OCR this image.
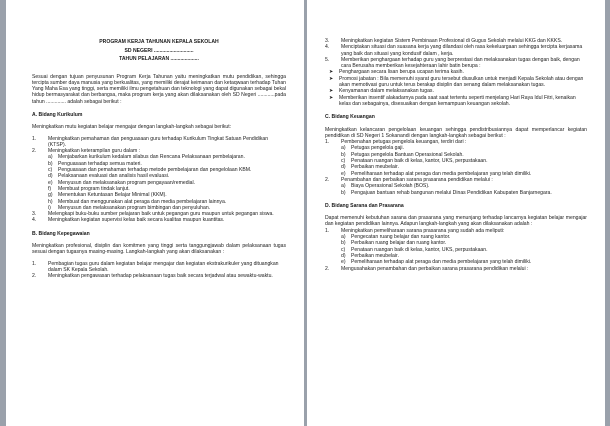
PROGRAM KERJA TAHUNAN KEPALA SEKOLAH
SD NEGERI ............................
TAHUN PELAJARAN ....................
Sesuai dengan tujuan penyusunan Program Kerja Tahunan yaitu meningkatkan mutu pendidikan, sehingga tercipta sumber daya manusia yang berkualitas, yang memiliki derajat keimanan dan ketaqwaan terhadap Tuhan Yang Maha Esa yang tinggi, serta memiliki ilmu pengetahuan dan teknologi yang dapat digunakan sebagai bekal hidup bermasyarakat dan berbangsa, maka program kerja yang akan dilaksanakan oleh SD Negeri ............pada tahun .............. adalah sebagai berikut :
A. Bidang Kurikulum
Meningkatkan mutu kegiatan belajar mengajar dengan langkah-langkah sebagai berikut:
1.	Meningkatkan pemahaman dan penguasaan guru terhadap Kurikulum Tingkat Satuan Pendidikan (KTSP).
2.	Meningkatkan keterampilan guru dalam :
a)	Menjabarkan kurikulum kedalam silabus dan Rencana Pelaksanaan pembelajaran.
b)	Penguasaan terhadap semua materi.
c)	Penguasaan dan pemahaman terhadap metode pembelajaran dan pengelolaan KBM.
d)	Pelaksanaan evaluasi dan analisis hasil evaluasi.
e)	Menyusun dan melaksanakan program pengayaan/remedial.
f)	Membuat program tindak lanjut.
g)	Menentukan Ketuntasan Belajar Minimal (KKM).
h)	Membuat dan menggunakan alat peraga dan media pembelajaran lainnya.
i)	Menyusun dan melaksanakan program bimbingan dan penyuluhan.
3.	Melengkapi buku-buku sumber pelajaran baik untuk pegangan guru maupun untuk pegangan siswa.
4.	Meningkatkan kegiatan supervisi kelas baik secara kualitas maupun kuantitas.
B. Bidang Kepegawaian
Meningkatkan profesional, disiplin dan komitmen yang tinggi serta tanggungjawab dalam pelaksanaan tugas sesuai dengan tugasnya masing-masing. Langkah-langkah yang akan dilaksanakan :
1.	Pembagian tugas guru dalam kegiatan belajar mengajar dan kegiatan ekstrakurikuler yang dituangkan dalam SK Kepala Sekolah.
2.	Meningkatkan pengawasan terhadap pelaksanaan tugas baik secara terjadwal atau sewaktu-waktu.
3.	Meningkatkan kegiatan Sistem Pembinaan Profesional di Gugus Sekolah melalui KKG dan KKKS.
4.	Menciptakan situasi dan suasana kerja yang dilandasi oleh rasa kekeluargaan sehingga tercipta kerjasama yang baik dan situasi yang kondusif dalam , kerja.
5.	Memberikan penghargaan terhadap guru yang berprestasi dan melaksanakan tugas dengan baik, dengan cara Berusaha memberikan kesejahteraan lahir batin berupa :
➤	Penghargaan secara lisan berupa ucapan terima kasih.
➤	Promosi jabatan : Bila memenuhi syarat guru tersebut diusulkan untuk menjadi Kepala Sekolah atau dengan akan memotivasi guru untuk terus berakap disiplin dan senang dalam melaksanakan tugas.
➤	Kenyamanan dalam melaksanakan tugas.
➤	Memberikan insentif alakadarnya pada saat saat tertentu seperti menjelang Hari Raya Idul Fitri, kenaikan kelas dan sebagainya, disesuaikan dengan kemampuan keuangan sekolah.
C. Bidang Keuangan
Meningkatkan kelancaran pengelolaan keuangan sehingga pendistribusiannya dapat memperlancar kegiatan pendidikan di SD Negeri 1 Sokanandi dengan langkah-langkah sebagai berikut :
1.	Pembenahan petugas pengelola keuangan, terdiri dari :
a)	Petugas pengelola gaji.
b)	Petugas pengelola Bantuan Operasional Sekolah.
c)	Penataan ruangan baik di kelas, kantor, UKS, perpustakaan.
d)	Perbaikan meubelair.
e)	Pemeliharaan terhadap alat peraga dan media pembelajaran yang telah dimiliki.
2.	Penambahan dan perbaikan sarana prasarana pendidikan melalui :
a)	Biaya Operasional Sekolah (BOS).
b)	Pengajuan bantuan rehab bangunan melalui Dinas Pendidikan Kabupaten Banjarnegara.
D. Bidang Sarana dan Prasarana
Dapat memenuhi kebutuhan sarana dan prasarana yang menunjang terhadap lancarnya kegiatan belajar mengajar dan kegiatan pendidikan lainnya. Adapun langkah-langkah yang akan dilaksanakan adalah :
1.	Meningkatkan pemeliharaan sarana prasarana yang sudah ada meliputi:
a)	Pengecatan ruang belajar dan ruang kantor.
b)	Perbaikan ruang belajar dan ruang kantor.
c)	Penataan ruangan baik di kelas, kantor, UKS, perpustakaan.
d)	Perbaikan meubelair.
e)	Pemeliharaan terhadap alat peraga dan media pembelajaran yang telah dimiliki.
2.	Mengusahakan penambahan dan perbaikan sarana prasarana pendidikan melalui :
